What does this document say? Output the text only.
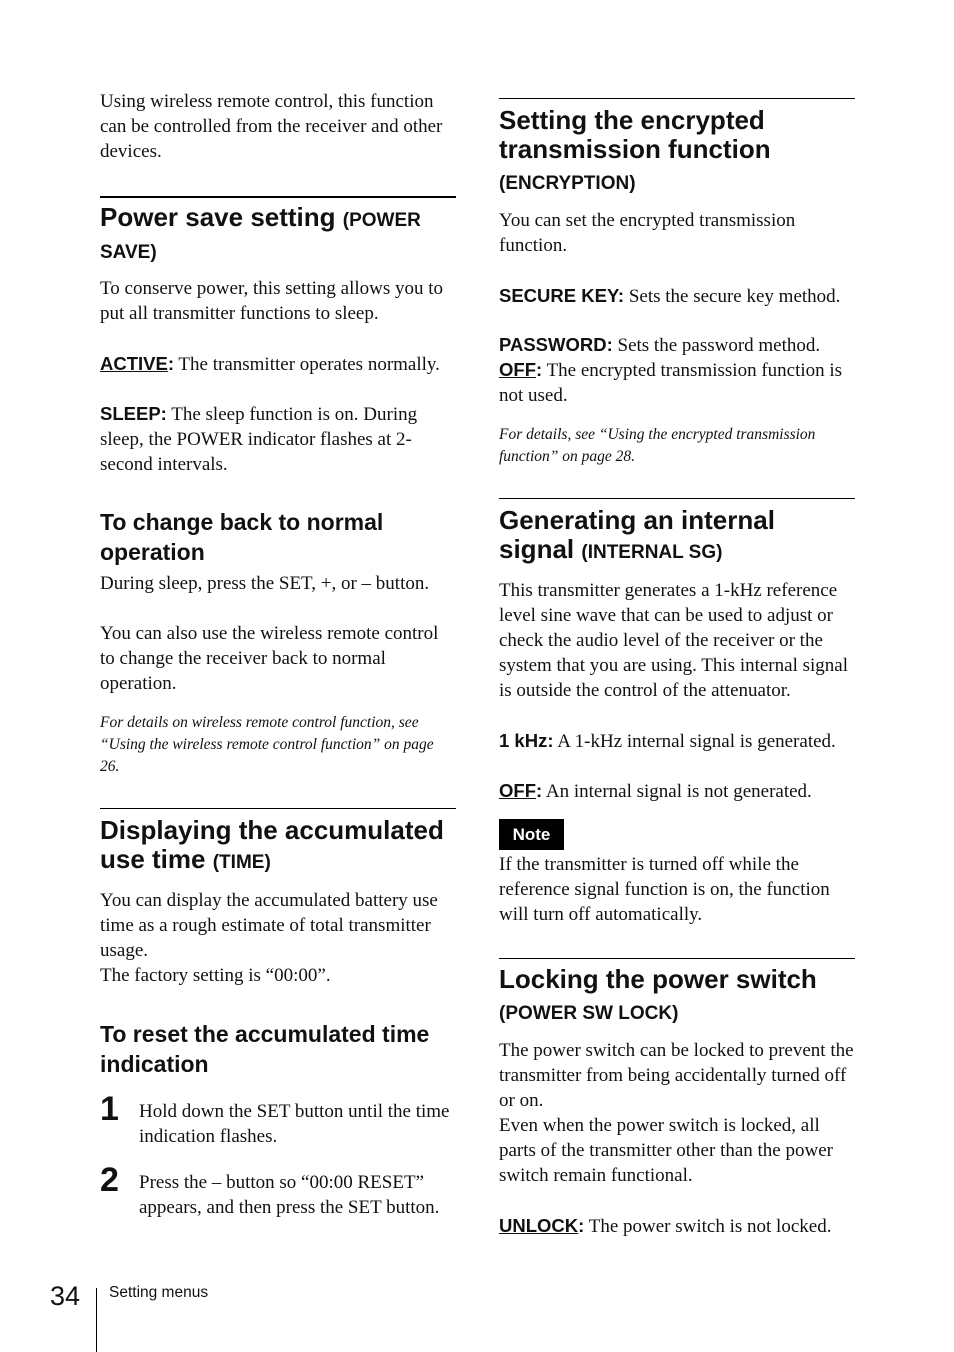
Using wireless remote control, this function can be controlled from the receiver and other devices.

Power save setting (POWER SAVE)

To conserve power, this setting allows you to put all transmitter functions to sleep.

ACTIVE: The transmitter operates normally.

SLEEP: The sleep function is on. During sleep, the POWER indicator flashes at 2-second intervals.

To change back to normal operation

During sleep, press the SET, +, or – button.

You can also use the wireless remote control to change the receiver back to normal operation.

For details on wireless remote control function, see “Using the wireless remote control function” on page 26.

Displaying the accumulated use time (TIME)

You can display the accumulated battery use time as a rough estimate of total transmitter usage.

The factory setting is “00:00”.

To reset the accumulated time indication

1 Hold down the SET button until the time indication flashes.

2 Press the – button so “00:00 RESET” appears, and then press the SET button.

Setting the encrypted transmission function

(ENCRYPTION)

You can set the encrypted transmission function.

SECURE KEY: Sets the secure key method.

PASSWORD: Sets the password method.

OFF: The encrypted transmission function is not used.

For details, see “Using the encrypted transmission function” on page 28.

Generating an internal signal (INTERNAL SG)

This transmitter generates a 1-kHz reference level sine wave that can be used to adjust or check the audio level of the receiver or the system that you are using. This internal signal is outside the control of the attenuator.

1 kHz: A 1-kHz internal signal is generated.

OFF: An internal signal is not generated.

Note

If the transmitter is turned off while the reference signal function is on, the function will turn off automatically.

Locking the power switch

(POWER SW LOCK)

The power switch can be locked to prevent the transmitter from being accidentally turned off or on.

Even when the power switch is locked, all parts of the transmitter other than the power switch remain functional.

UNLOCK: The power switch is not locked.

34 Setting menus
